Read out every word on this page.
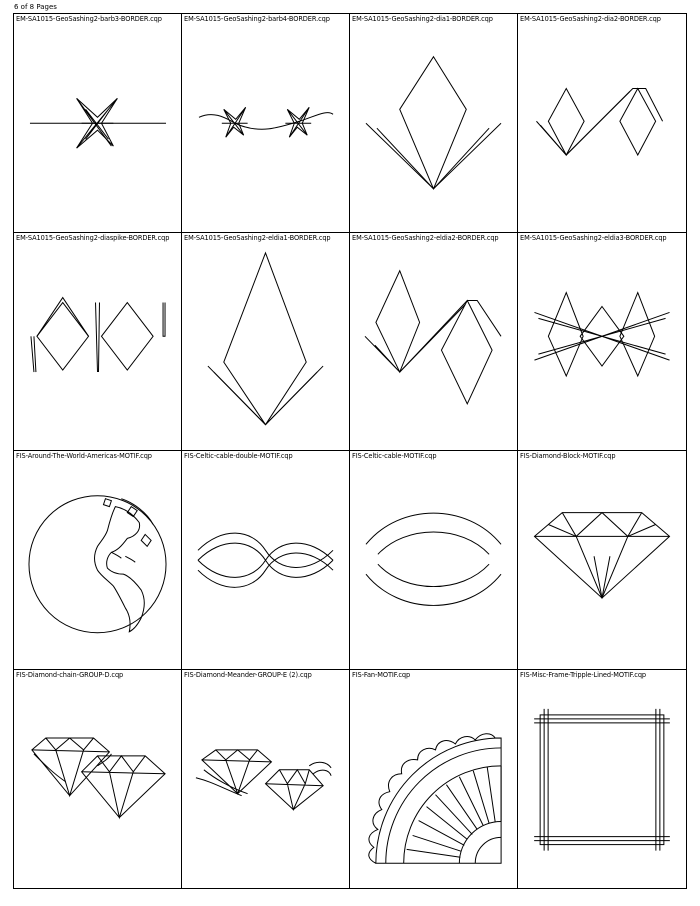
6 of 8 Pages
EM-SA1015-GeoSashing2-barb3-BORDER.cqp	EM-SA1015-GeoSashing2-barb4-BORDER.cqp	EM-SA1015-GeoSashing2-dia1-BORDER.cqp	EM-SA1015-GeoSashing2-dia2-BORDER.cqp
EM-SA1015-GeoSashing2-diaspike-BORDER.cqp EM-SA1015-GeoSashing2-eldia1-BORDER.cqp	EM-SA1015-GeoSashing2-eldia2-BORDER.cqp	EM-SA1015-GeoSashing2-eldia3-BORDER.cqp
FIS-Around-The-World-Americas-MOTIF.cqp	FIS-Celtic-cable-double-MOTIF.cqp	FIS-Celtic-cable-MOTIF.cqp	FIS-Diamond-Block-MOTIF.cqp
FIS-Diamond-chain-GROUP-D.cqp	FIS-Diamond-Meander-GROUP-E (2).cqp	FIS-Fan-MOTIF.cqp	FIS-Misc-Frame-Tripple-Lined-MOTIF.cqp
